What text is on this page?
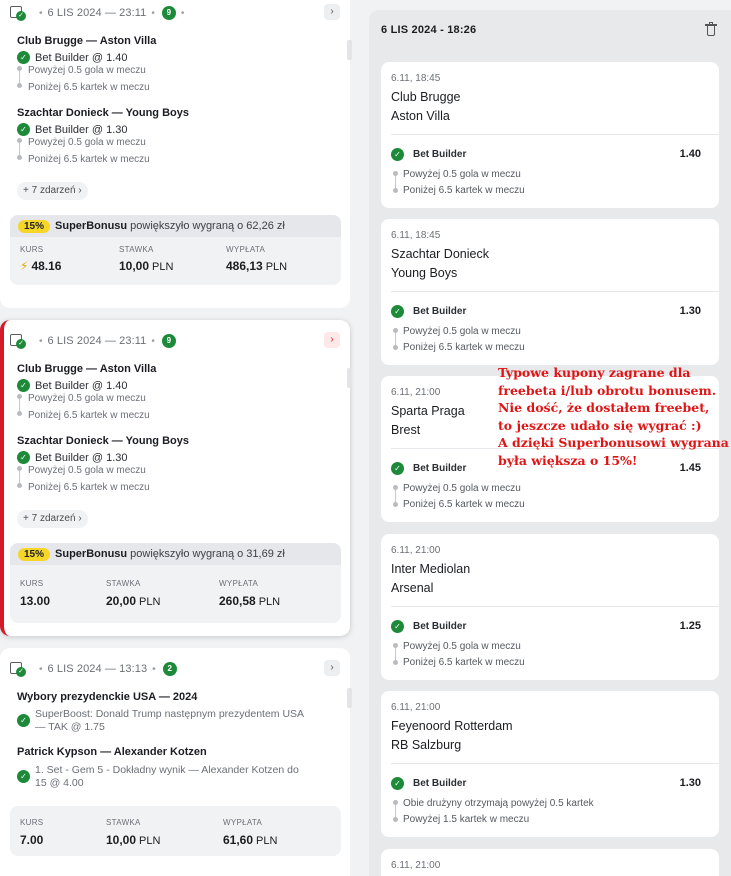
✓ • 6 LIS 2024 — 23:11 •	9 •	›
Club Brugge — Aston Villa
✓ Bet Builder @ 1.40
Powyżej 0.5 gola w meczu
Poniżej 6.5 kartek w meczu
Szachtar Donieck — Young Boys
✓ Bet Builder @ 1.30
Powyżej 0.5 gola w meczu
Poniżej 6.5 kartek w meczu
+ 7 zdarzeń ›
15%	SuperBonusu powiększyło wygraną o 62,26 zł
KURS
⚡ 48.16
STAWKA
10,00 PLN
WYPŁATA
486,13 PLN
✓ • 6 LIS 2024 — 23:11 •	9	›
Club Brugge — Aston Villa
✓ Bet Builder @ 1.40
Powyżej 0.5 gola w meczu
Poniżej 6.5 kartek w meczu
Szachtar Donieck — Young Boys
✓ Bet Builder @ 1.30
Powyżej 0.5 gola w meczu
Poniżej 6.5 kartek w meczu
+ 7 zdarzeń ›
15%	SuperBonusu powiększyło wygraną o 31,69 zł
KURS
13.00
STAWKA
20,00 PLN
WYPŁATA
260,58 PLN
✓ • 6 LIS 2024 — 13:13 •	2	›
Wybory prezydenckie USA — 2024
✓
SuperBoost: Donald Trump następnym prezydentem USA
— TAK @ 1.75
Patrick Kypson — Alexander Kotzen
✓
1. Set - Gem 5 - Dokładny wynik — Alexander Kotzen do
15 @ 4.00
KURS
7.00
STAWKA
10,00 PLN
WYPŁATA
61,60 PLN
6 LIS 2024 - 18:26
6.11, 18:45
Club Brugge
Aston Villa
✓	Bet Builder	1.40
Powyżej 0.5 gola w meczu
Poniżej 6.5 kartek w meczu
6.11, 18:45
Szachtar Donieck
Young Boys
✓	Bet Builder	1.30
Powyżej 0.5 gola w meczu
Poniżej 6.5 kartek w meczu
6.11, 21:00
Sparta Praga
Brest
✓	Bet Builder	1.45
Powyżej 0.5 gola w meczu
Poniżej 6.5 kartek w meczu
6.11, 21:00
Inter Mediolan
Arsenal
✓	Bet Builder	1.25
Powyżej 0.5 gola w meczu
Poniżej 6.5 kartek w meczu
6.11, 21:00
Feyenoord Rotterdam
RB Salzburg
✓	Bet Builder	1.30
Obie drużyny otrzymają powyżej 0.5 kartek
Powyżej 1.5 kartek w meczu
6.11, 21:00
Typowe kupony zagrane dla
freebeta i/lub obrotu bonusem.
Nie dość, że dostałem freebet,
to jeszcze udało się wygrać :)
A dzięki Superbonusowi wygrana
była większa o 15%!
